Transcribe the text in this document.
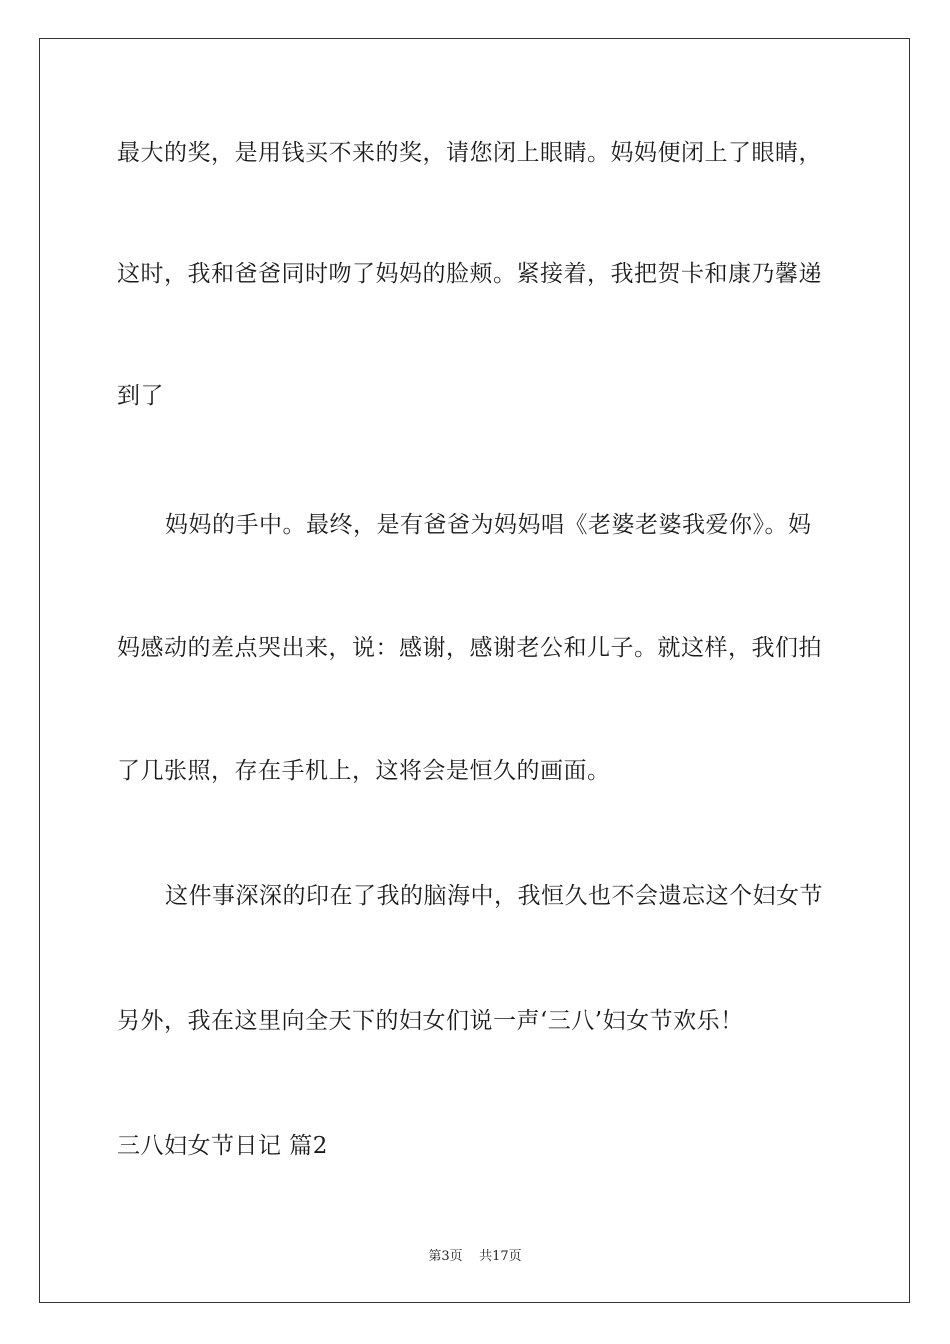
最大的奖，是用钱买不来的奖，请您闭上眼睛。妈妈便闭上了眼睛，
这时，我和爸爸同时吻了妈妈的脸颊。紧接着，我把贺卡和康乃馨递
到了
妈妈的手中。最终，是有爸爸为妈妈唱《老婆老婆我爱你》。妈
妈感动的差点哭出来，说：感谢，感谢老公和儿子。就这样，我们拍
了几张照，存在手机上，这将会是恒久的画面。
这件事深深的印在了我的脑海中，我恒久也不会遗忘这个妇女节
另外，我在这里向全天下的妇女们说一声‘三八’妇女节欢乐！
三八妇女节日记 篇2
第3页 共17页
